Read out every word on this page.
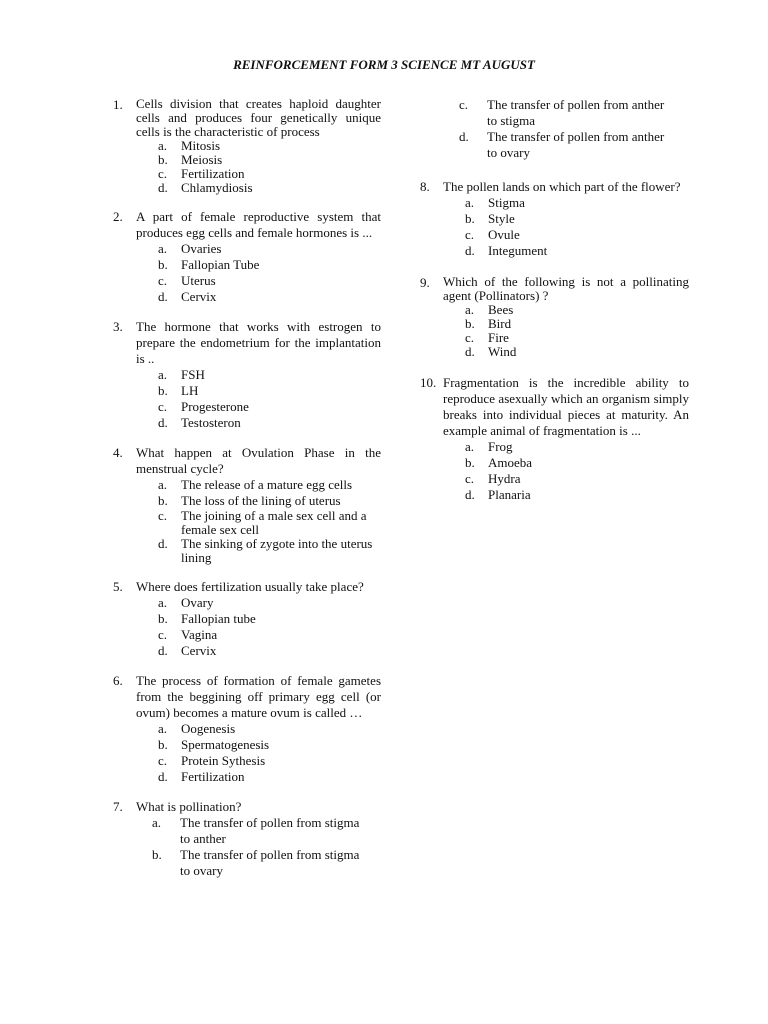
REINFORCEMENT FORM 3 SCIENCE MT AUGUST
1. Cells division that creates haploid daughter cells and produces four genetically unique cells is the characteristic of process
a. Mitosis
b. Meiosis
c. Fertilization
d. Chlamydiosis
2. A part of female reproductive system that produces egg cells and female hormones is ...
a. Ovaries
b. Fallopian Tube
c. Uterus
d. Cervix
3. The hormone that works with estrogen to prepare the endometrium for the implantation is ..
a. FSH
b. LH
c. Progesterone
d. Testosteron
4. What happen at Ovulation Phase in the menstrual cycle?
a. The release of a mature egg cells
b. The loss of the lining of uterus
c. The joining of a male sex cell and a female sex cell
d. The sinking of zygote into the uterus lining
5. Where does fertilization usually take place?
a. Ovary
b. Fallopian tube
c. Vagina
d. Cervix
6. The process of formation of female gametes from the beggining off primary egg cell (or ovum) becomes a mature ovum is called …
a. Oogenesis
b. Spermatogenesis
c. Protein Sythesis
d. Fertilization
7. What is pollination?
a. The transfer of pollen from stigma to anther
b. The transfer of pollen from stigma to ovary
c. The transfer of pollen from anther to stigma
d. The transfer of pollen from anther to ovary
8. The pollen lands on which part of the flower?
a. Stigma
b. Style
c. Ovule
d. Integument
9. Which of the following is not a pollinating agent (Pollinators) ?
a. Bees
b. Bird
c. Fire
d. Wind
10. Fragmentation is the incredible ability to reproduce asexually which an organism simply breaks into individual pieces at maturity. An example animal of fragmentation is ...
a. Frog
b. Amoeba
c. Hydra
d. Planaria
